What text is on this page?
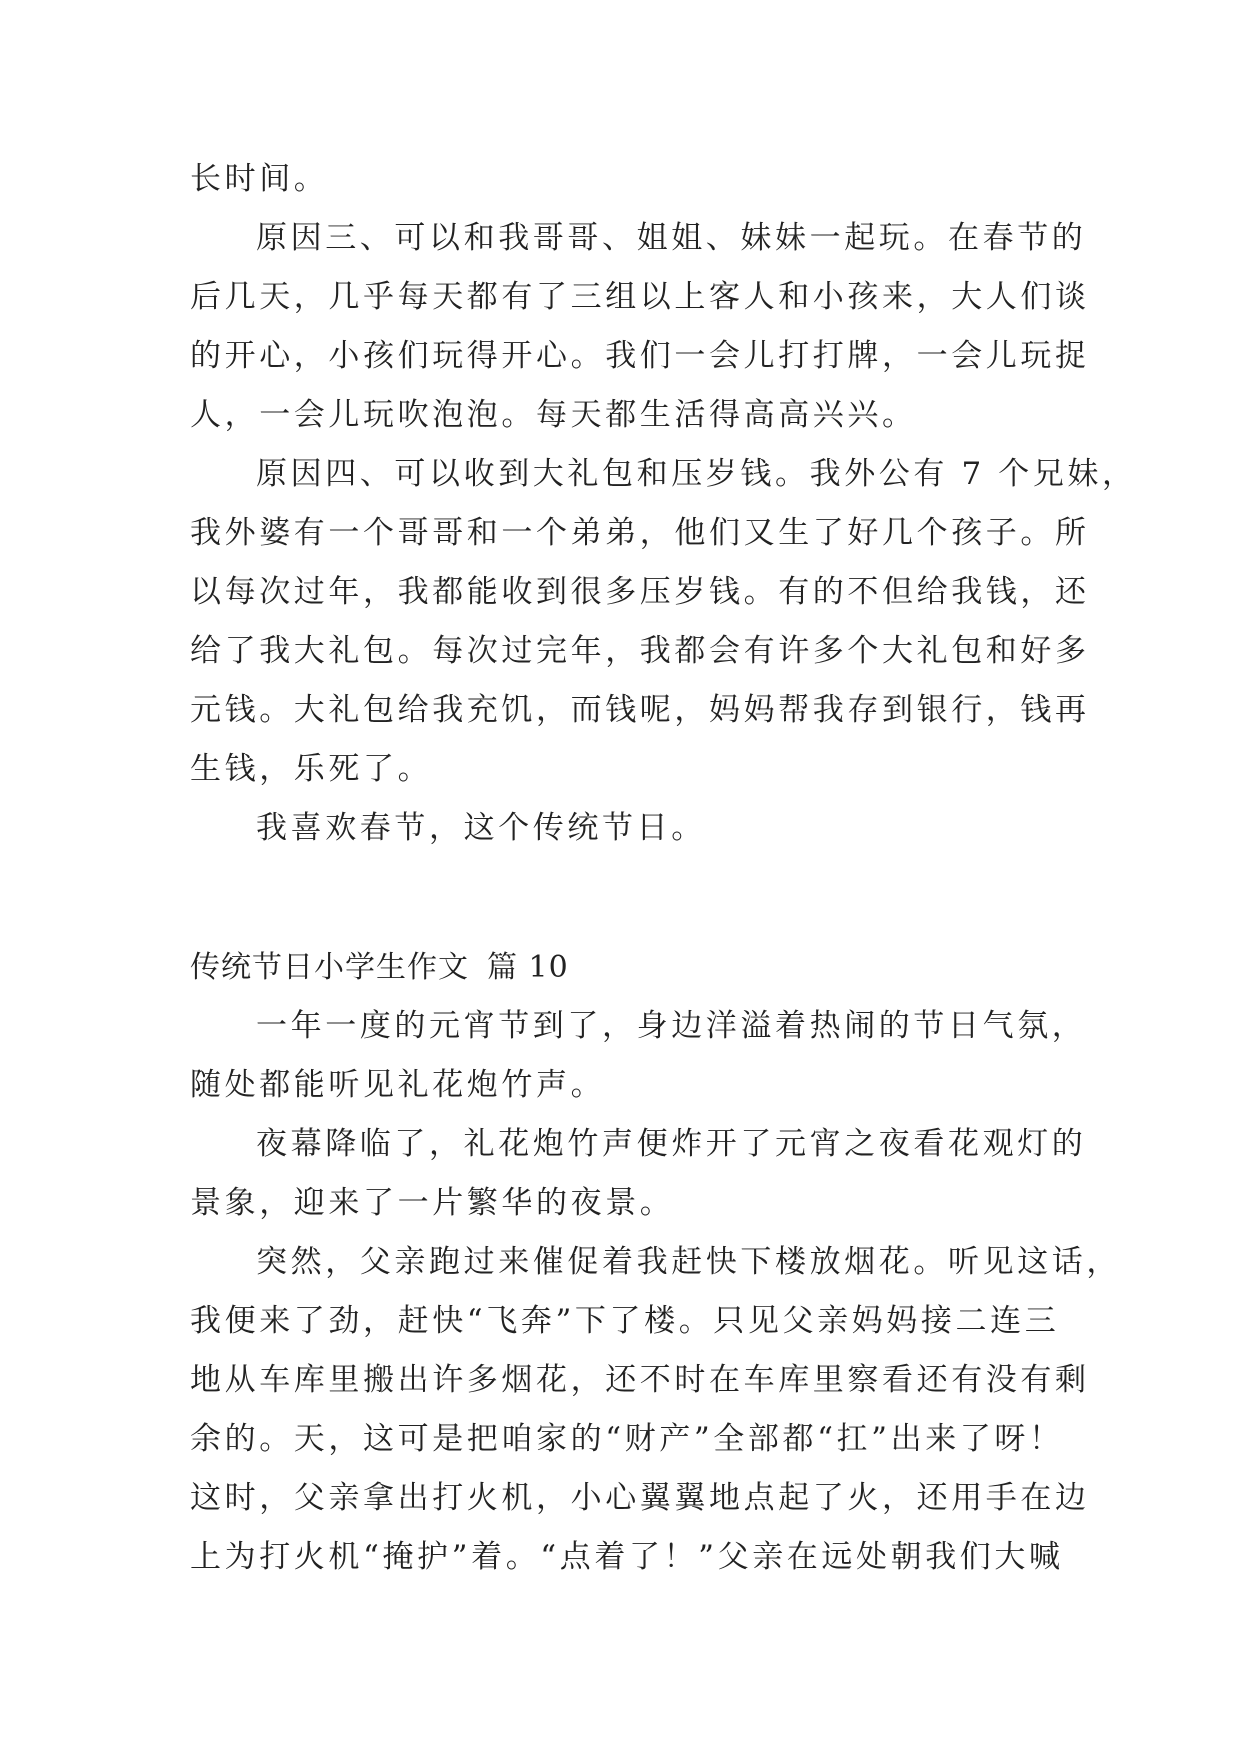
长时间。
原因三、可以和我哥哥、姐姐、妹妹一起玩。在春节的
后几天，几乎每天都有了三组以上客人和小孩来，大人们谈
的开心，小孩们玩得开心。我们一会儿打打牌，一会儿玩捉
人，一会儿玩吹泡泡。每天都生活得高高兴兴。
原因四、可以收到大礼包和压岁钱。我外公有 7 个兄妹，
我外婆有一个哥哥和一个弟弟，他们又生了好几个孩子。所
以每次过年，我都能收到很多压岁钱。有的不但给我钱，还
给了我大礼包。每次过完年，我都会有许多个大礼包和好多
元钱。大礼包给我充饥，而钱呢，妈妈帮我存到银行，钱再
生钱，乐死了。
我喜欢春节，这个传统节日。
传统节日小学生作文 篇 10
一年一度的元宵节到了，身边洋溢着热闹的节日气氛，
随处都能听见礼花炮竹声。
夜幕降临了，礼花炮竹声便炸开了元宵之夜看花观灯的
景象，迎来了一片繁华的夜景。
突然，父亲跑过来催促着我赶快下楼放烟花。听见这话，
我便来了劲，赶快“飞奔”下了楼。只见父亲妈妈接二连三
地从车库里搬出许多烟花，还不时在车库里察看还有没有剩
余的。天，这可是把咱家的“财产”全部都“扛”出来了呀！
这时，父亲拿出打火机，小心翼翼地点起了火，还用手在边
上为打火机“掩护”着。“点着了！”父亲在远处朝我们大喊
